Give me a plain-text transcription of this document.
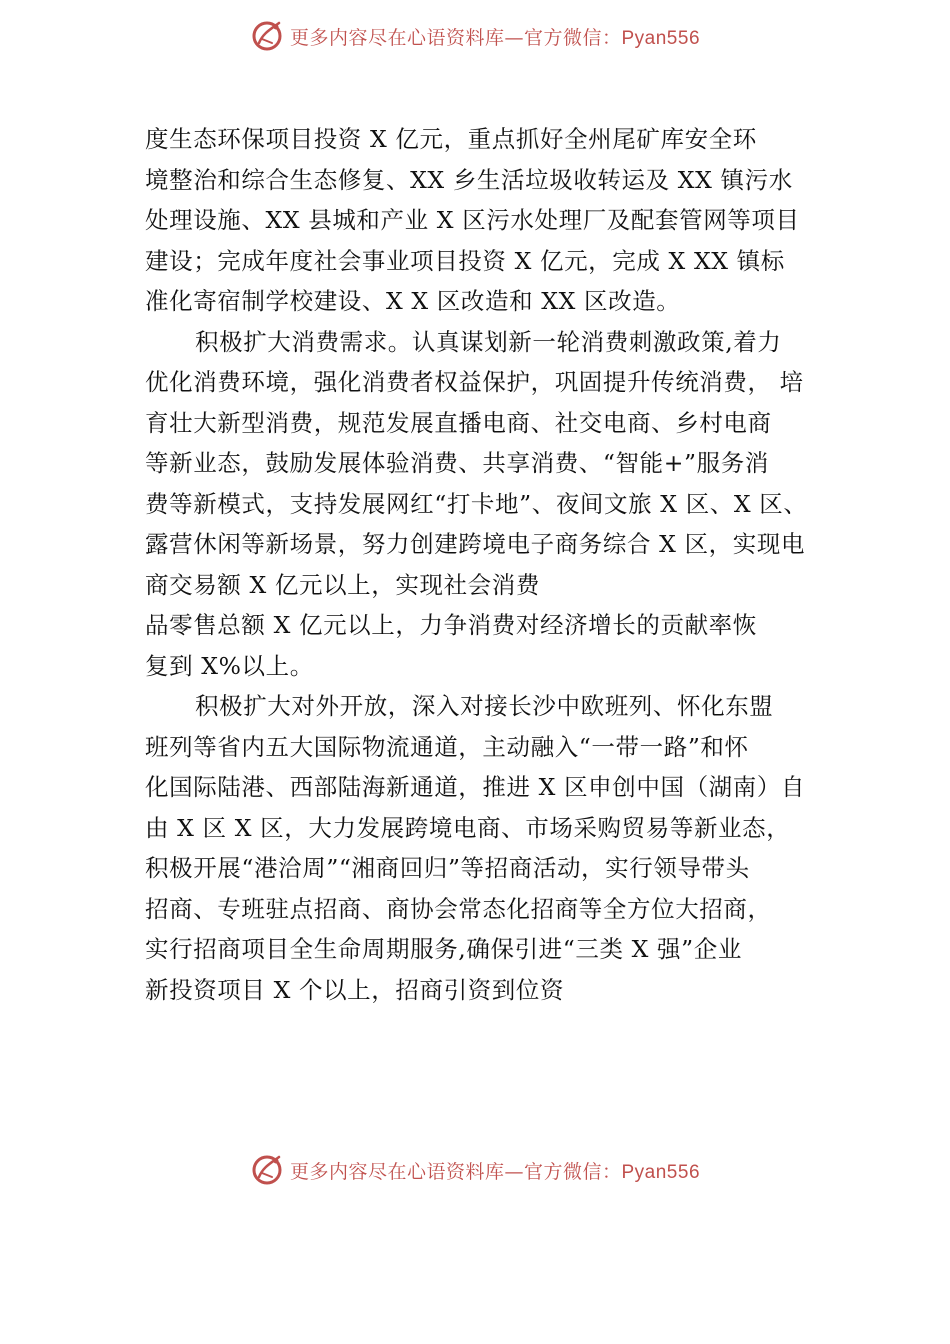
更多内容尽在心语资料库—官方微信：Pyan556
度生态环保项目投资 X 亿元，重点抓好全州尾矿库安全环
境整治和综合生态修复、XX 乡生活垃圾收转运及 XX 镇污水
处理设施、XX 县城和产业 X 区污水处理厂及配套管网等项目
建设；完成年度社会事业项目投资 X 亿元，完成 X XX 镇标
准化寄宿制学校建设、X X 区改造和 XX 区改造。
积极扩大消费需求。认真谋划新一轮消费刺激政策,着力
优化消费环境，强化消费者权益保护，巩固提升传统消费， 培
育壮大新型消费，规范发展直播电商、社交电商、乡村电商
等新业态，鼓励发展体验消费、共享消费、“智能+”服务消
费等新模式，支持发展网红“打卡地”、夜间文旅 X 区、X 区、
露营休闲等新场景，努力创建跨境电子商务综合 X 区，实现电
商交易额 X 亿元以上，实现社会消费
品零售总额 X 亿元以上，力争消费对经济增长的贡献率恢
复到 X%以上。
积极扩大对外开放，深入对接长沙中欧班列、怀化东盟
班列等省内五大国际物流通道，主动融入“一带一路”和怀
化国际陆港、西部陆海新通道，推进 X 区申创中国（湖南）自
由 X 区 X 区，大力发展跨境电商、市场采购贸易等新业态，
积极开展“港洽周”“湘商回归”等招商活动，实行领导带头
招商、专班驻点招商、商协会常态化招商等全方位大招商，
实行招商项目全生命周期服务,确保引进“三类 X 强”企业
新投资项目 X 个以上，招商引资到位资
更多内容尽在心语资料库—官方微信：Pyan556
